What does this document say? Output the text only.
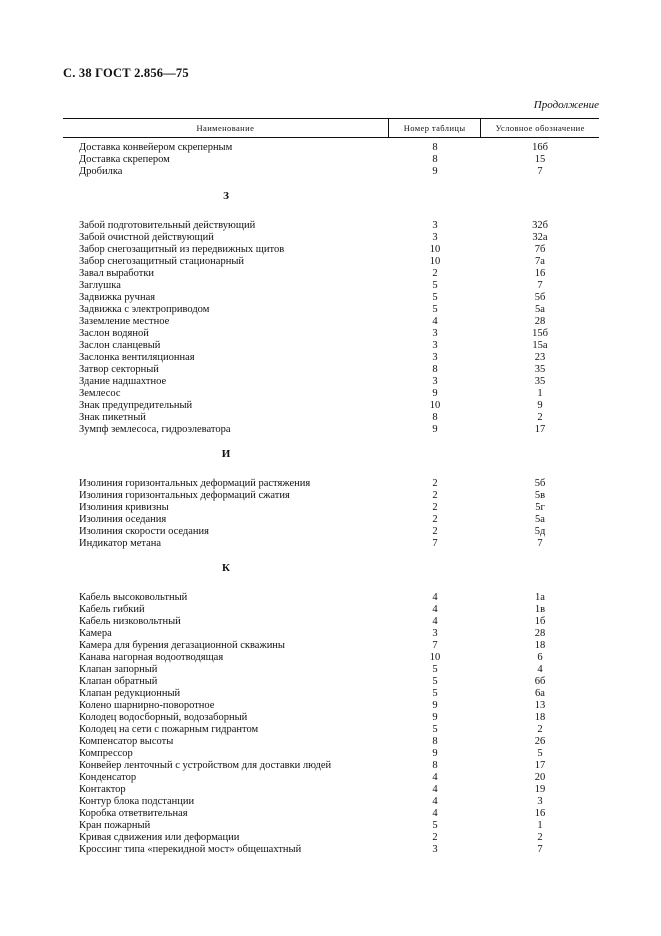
С. 38 ГОСТ 2.856—75
Продолжение
Наименование	Номер таблицы	Условное обозначение
Доставка конвейером скреперным	8	16б
Доставка скрепером	8	15
Дробилка	9	7
З
Забой подготовительный действующий	3	32б
Забой очистной действующий	3	32а
Забор снегозащитный из передвижных щитов	10	7б
Забор снегозащитный стационарный	10	7а
Завал выработки	2	16
Заглушка	5	7
Задвижка ручная	5	5б
Задвижка с электроприводом	5	5а
Заземление местное	4	28
Заслон водяной	3	15б
Заслон сланцевый	3	15а
Заслонка вентиляционная	3	23
Затвор секторный	8	35
Здание надшахтное	3	35
Землесос	9	1
Знак предупредительный	10	9
Знак пикетный	8	2
Зумпф землесоса, гидроэлеватора	9	17
И
Изолиния горизонтальных деформаций растяжения	2	5б
Изолиния горизонтальных деформаций сжатия	2	5в
Изолиния кривизны	2	5г
Изолиния оседания	2	5а
Изолиния скорости оседания	2	5д
Индикатор метана	7	7
К
Кабель высоковольтный	4	1а
Кабель гибкий	4	1в
Кабель низковольтный	4	1б
Камера	3	28
Камера для бурения дегазационной скважины	7	18
Канава нагорная водоотводящая	10	6
Клапан запорный	5	4
Клапан обратный	5	6б
Клапан редукционный	5	6а
Колено шарнирно-поворотное	9	13
Колодец водосборный, водозаборный	9	18
Колодец на сети с пожарным гидрантом	5	2
Компенсатор высоты	8	26
Компрессор	9	5
Конвейер ленточный с устройством для доставки людей	8	17
Конденсатор	4	20
Контактор	4	19
Контур блока подстанции	4	3
Коробка ответвительная	4	16
Кран пожарный	5	1
Кривая сдвижения или деформации	2	2
Кроссинг типа «перекидной мост» общешахтный	3	7
